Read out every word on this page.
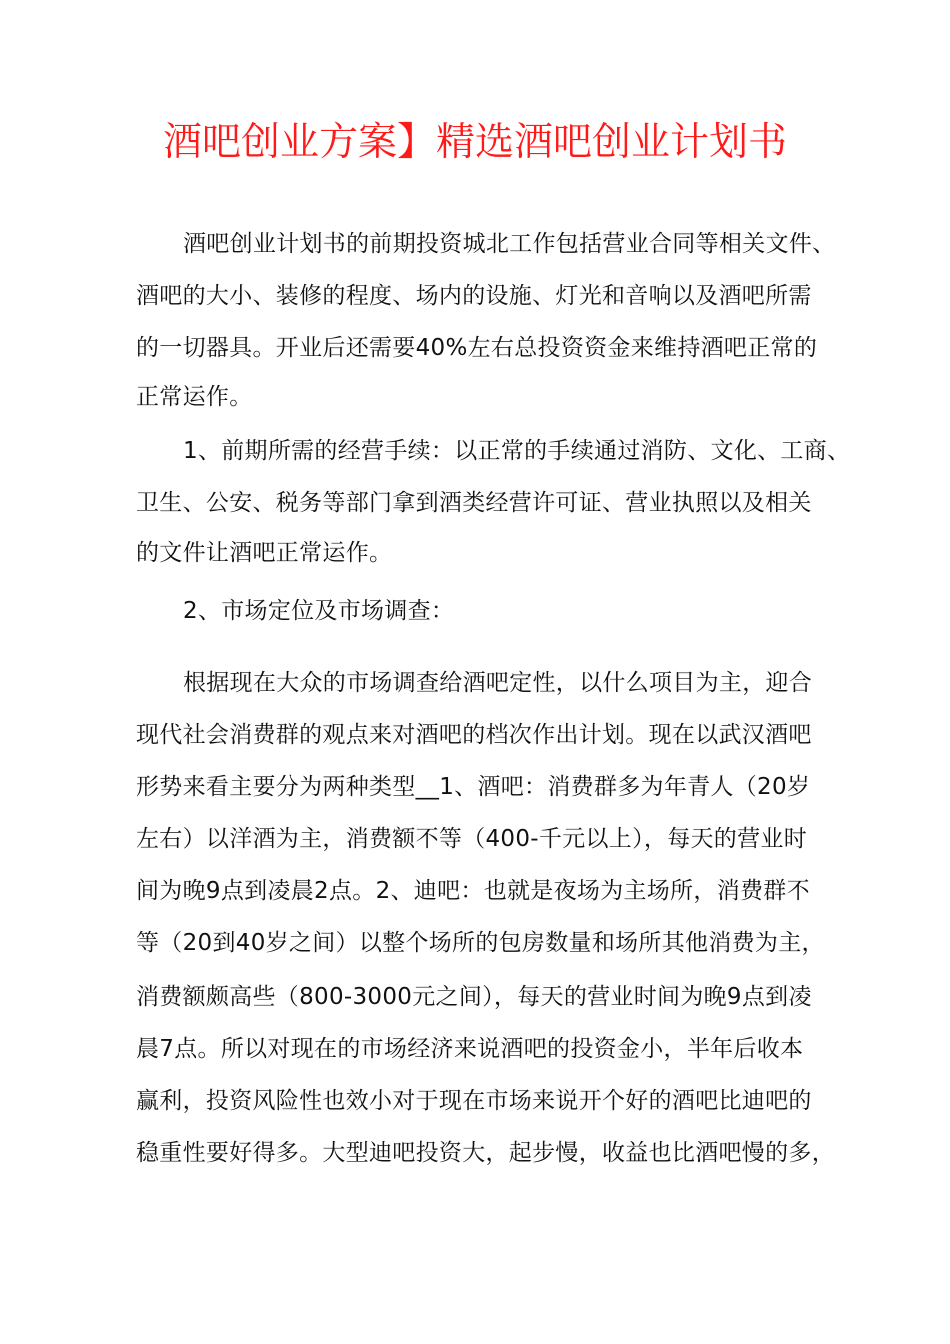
酒吧创业方案】精选酒吧创业计划书
酒吧创业计划书的前期投资城北工作包括营业合同等相关文件、
酒吧的大小、装修的程度、场内的设施、灯光和音响以及酒吧所需
的一切器具。开业后还需要40%左右总投资资金来维持酒吧正常的
正常运作。
1、前期所需的经营手续：以正常的手续通过消防、文化、工商、
卫生、公安、税务等部门拿到酒类经营许可证、营业执照以及相关
的文件让酒吧正常运作。
2、市场定位及市场调查：
根据现在大众的市场调查给酒吧定性，以什么项目为主，迎合
现代社会消费群的观点来对酒吧的档次作出计划。现在以武汉酒吧
形势来看主要分为两种类型__1、酒吧：消费群多为年青人（20岁
左右）以洋酒为主，消费额不等（400-千元以上），每天的营业时
间为晚9点到凌晨2点。2、迪吧：也就是夜场为主场所，消费群不
等（20到40岁之间）以整个场所的包房数量和场所其他消费为主，
消费额颇高些（800-3000元之间），每天的营业时间为晚9点到凌
晨7点。所以对现在的市场经济来说酒吧的投资金小，半年后收本
赢利，投资风险性也效小对于现在市场来说开个好的酒吧比迪吧的
稳重性要好得多。大型迪吧投资大，起步慢，收益也比酒吧慢的多，
